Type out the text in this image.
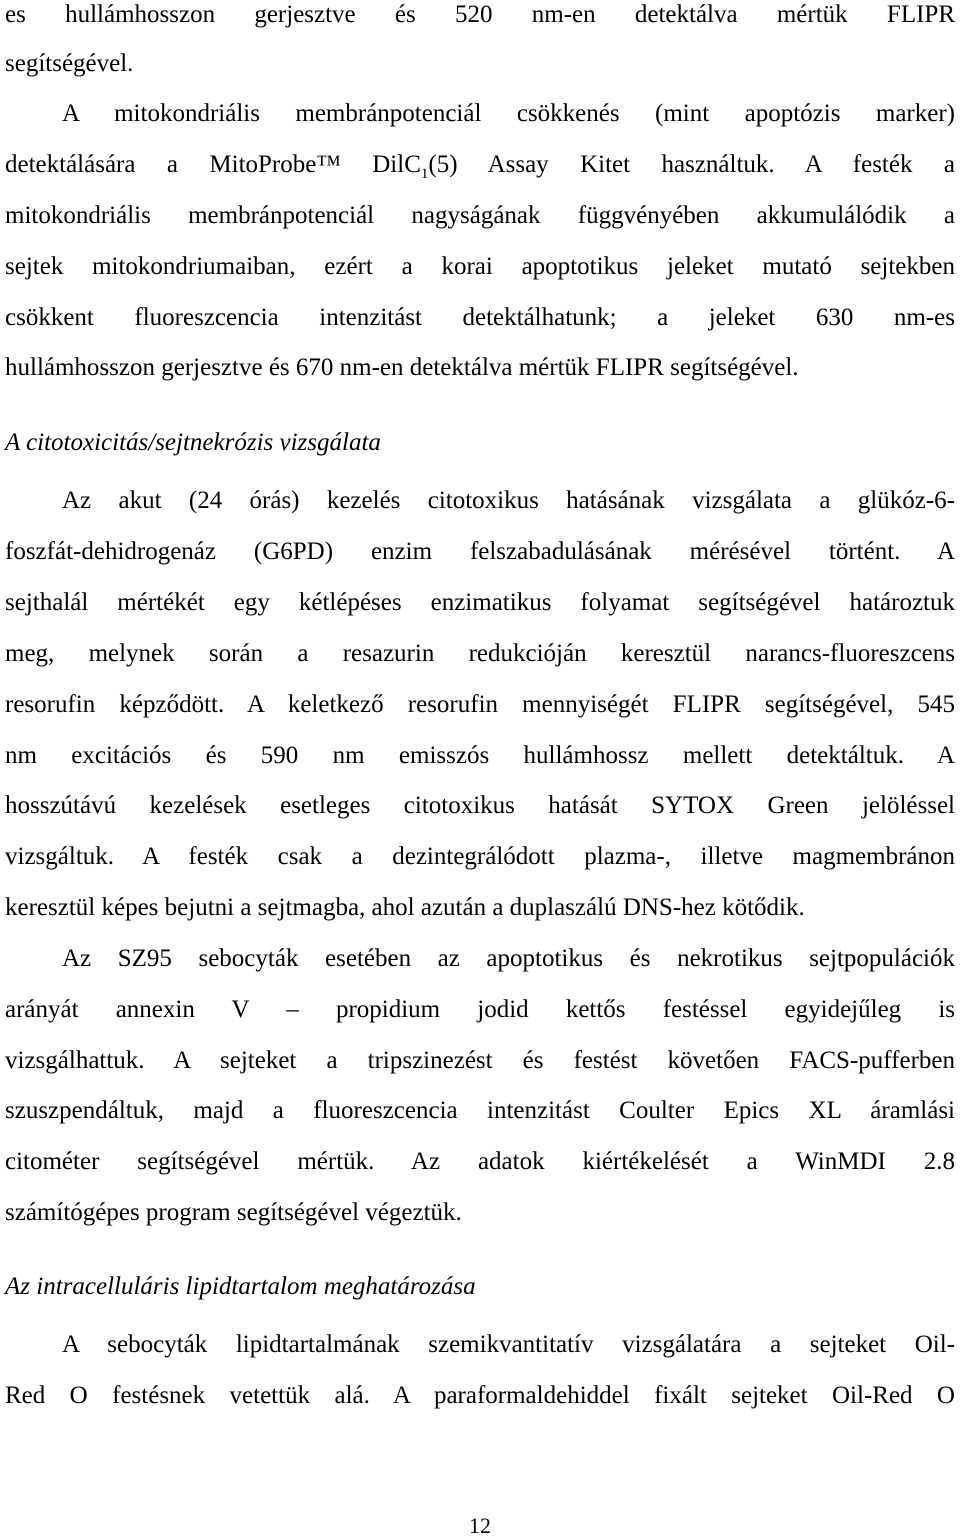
es hullámhosszon gerjesztve és 520 nm-en detektálva mértük FLIPR
segítségével.
A mitokondriális membránpotenciál csökkenés (mint apoptózis marker)
detektálására a MitoProbe™ DilC$_1$(5) Assay Kitet használtuk. A festék a
mitokondriális membránpotenciál nagyságának függvényében akkumulálódik a
sejtek mitokondriumaiban, ezért a korai apoptotikus jeleket mutató sejtekben
csökkent fluoreszcencia intenzitást detektálhatunk; a jeleket 630 nm-es
hullámhosszon gerjesztve és 670 nm-en detektálva mértük FLIPR segítségével.
A citotoxicitás/sejtnekrózis vizsgálata
Az akut (24 órás) kezelés citotoxikus hatásának vizsgálata a glükóz-6-
foszfát-dehidrogenáz (G6PD) enzim felszabadulásának mérésével történt. A
sejthalál mértékét egy kétlépéses enzimatikus folyamat segítségével határoztuk
meg, melynek során a resazurin redukcióján keresztül narancs-fluoreszcens
resorufin képződött. A keletkező resorufin mennyiségét FLIPR segítségével, 545
nm excitációs és 590 nm emisszós hullámhossz mellett detektáltuk. A
hosszútávú kezelések esetleges citotoxikus hatását SYTOX Green jelöléssel
vizsgáltuk. A festék csak a dezintegrálódott plazma-, illetve magmembránon
keresztül képes bejutni a sejtmagba, ahol azután a duplaszálú DNS-hez kötődik.
Az SZ95 sebocyták esetében az apoptotikus és nekrotikus sejtpopulációk
arányát annexin V – propidium jodid kettős festéssel egyidejűleg is
vizsgálhattuk. A sejteket a tripszinezést és festést követően FACS-pufferben
szuszpendáltuk, majd a fluoreszcencia intenzitást Coulter Epics XL áramlási
citométer segítségével mértük. Az adatok kiértékelését a WinMDI 2.8
számítógépes program segítségével végeztük.
Az intracelluláris lipidtartalom meghatározása
A sebocyták lipidtartalmának szemikvantitatív vizsgálatára a sejteket Oil-
Red O festésnek vetettük alá. A paraformaldehiddel fixált sejteket Oil-Red O
12
